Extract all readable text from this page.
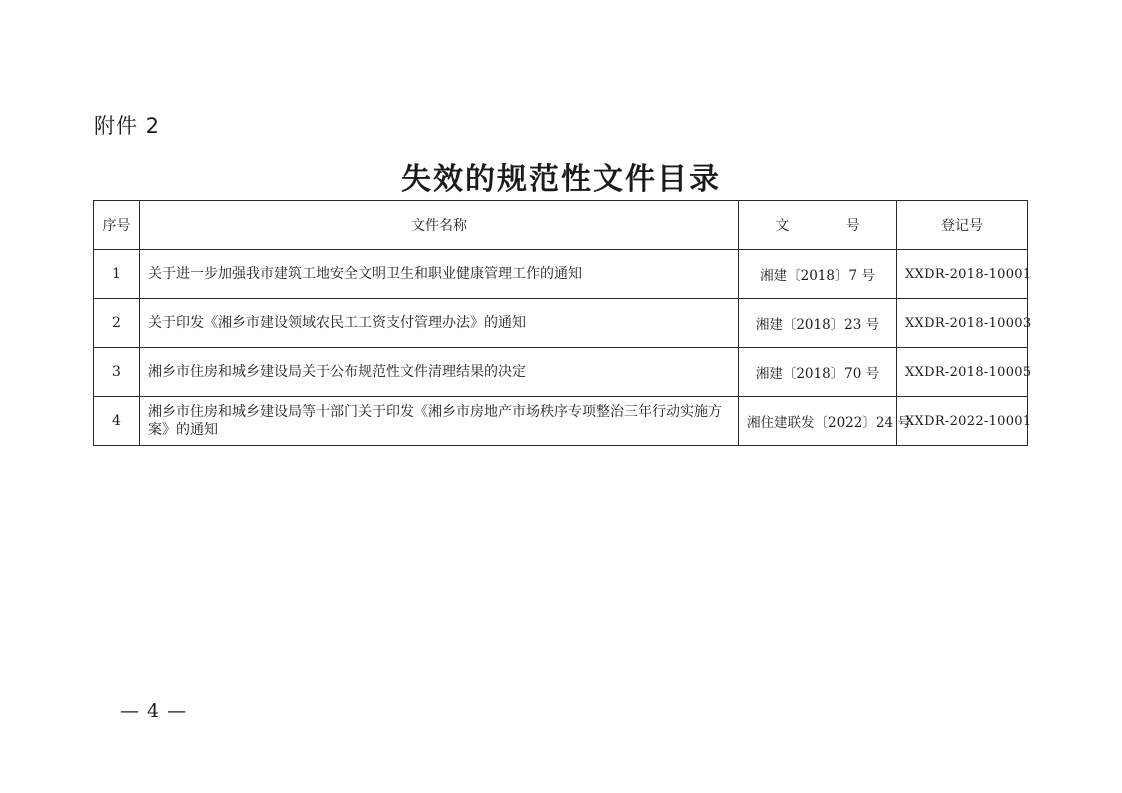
附件 2
失效的规范性文件目录
序号	文件名称	文 号	登记号
1	关于进一步加强我市建筑工地安全文明卫生和职业健康管理工作的通知	湘建〔2018〕7 号	XXDR-2018-10001
2	关于印发《湘乡市建设领域农民工工资支付管理办法》的通知	湘建〔2018〕23 号	XXDR-2018-10003
3	湘乡市住房和城乡建设局关于公布规范性文件清理结果的决定	湘建〔2018〕70 号	XXDR-2018-10005
4	湘乡市住房和城乡建设局等十部门关于印发《湘乡市房地产市场秩序专项整治三年行动实施方案》的通知	湘住建联发〔2022〕24 号	XXDR-2022-10001
— 4 —
